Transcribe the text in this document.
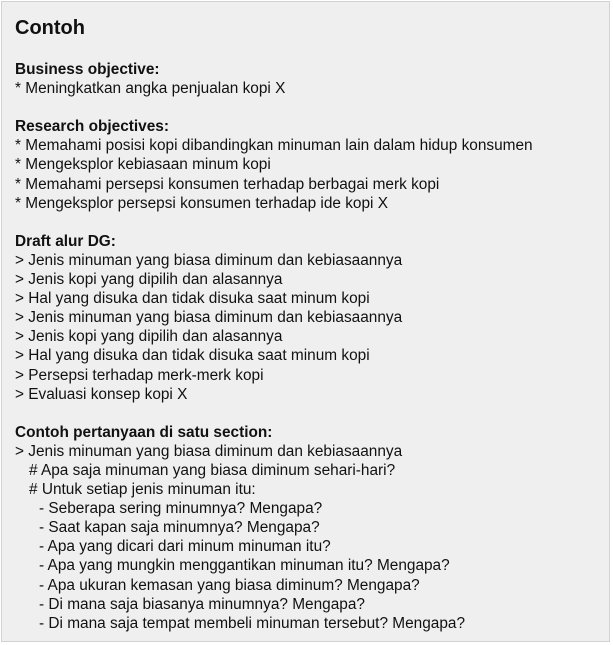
Contoh

Business objective:

* Meningkatkan angka penjualan kopi X

Research objectives:

* Memahami posisi kopi dibandingkan minuman lain dalam hidup konsumen

* Mengeksplor kebiasaan minum kopi

* Memahami persepsi konsumen terhadap berbagai merk kopi

* Mengeksplor persepsi konsumen terhadap ide kopi X

Draft alur DG:

> Jenis minuman yang biasa diminum dan kebiasaannya

> Jenis kopi yang dipilih dan alasannya

> Hal yang disuka dan tidak disuka saat minum kopi

> Jenis minuman yang biasa diminum dan kebiasaannya

> Jenis kopi yang dipilih dan alasannya

> Hal yang disuka dan tidak disuka saat minum kopi

> Persepsi terhadap merk-merk kopi

> Evaluasi konsep kopi X

Contoh pertanyaan di satu section:

> Jenis minuman yang biasa diminum dan kebiasaannya

# Apa saja minuman yang biasa diminum sehari-hari?

# Untuk setiap jenis minuman itu:

- Seberapa sering minumnya? Mengapa?

- Saat kapan saja minumnya? Mengapa?

- Apa yang dicari dari minum minuman itu?

- Apa yang mungkin menggantikan minuman itu? Mengapa?

- Apa ukuran kemasan yang biasa diminum? Mengapa?

- Di mana saja biasanya minumnya? Mengapa?

- Di mana saja tempat membeli minuman tersebut? Mengapa?
